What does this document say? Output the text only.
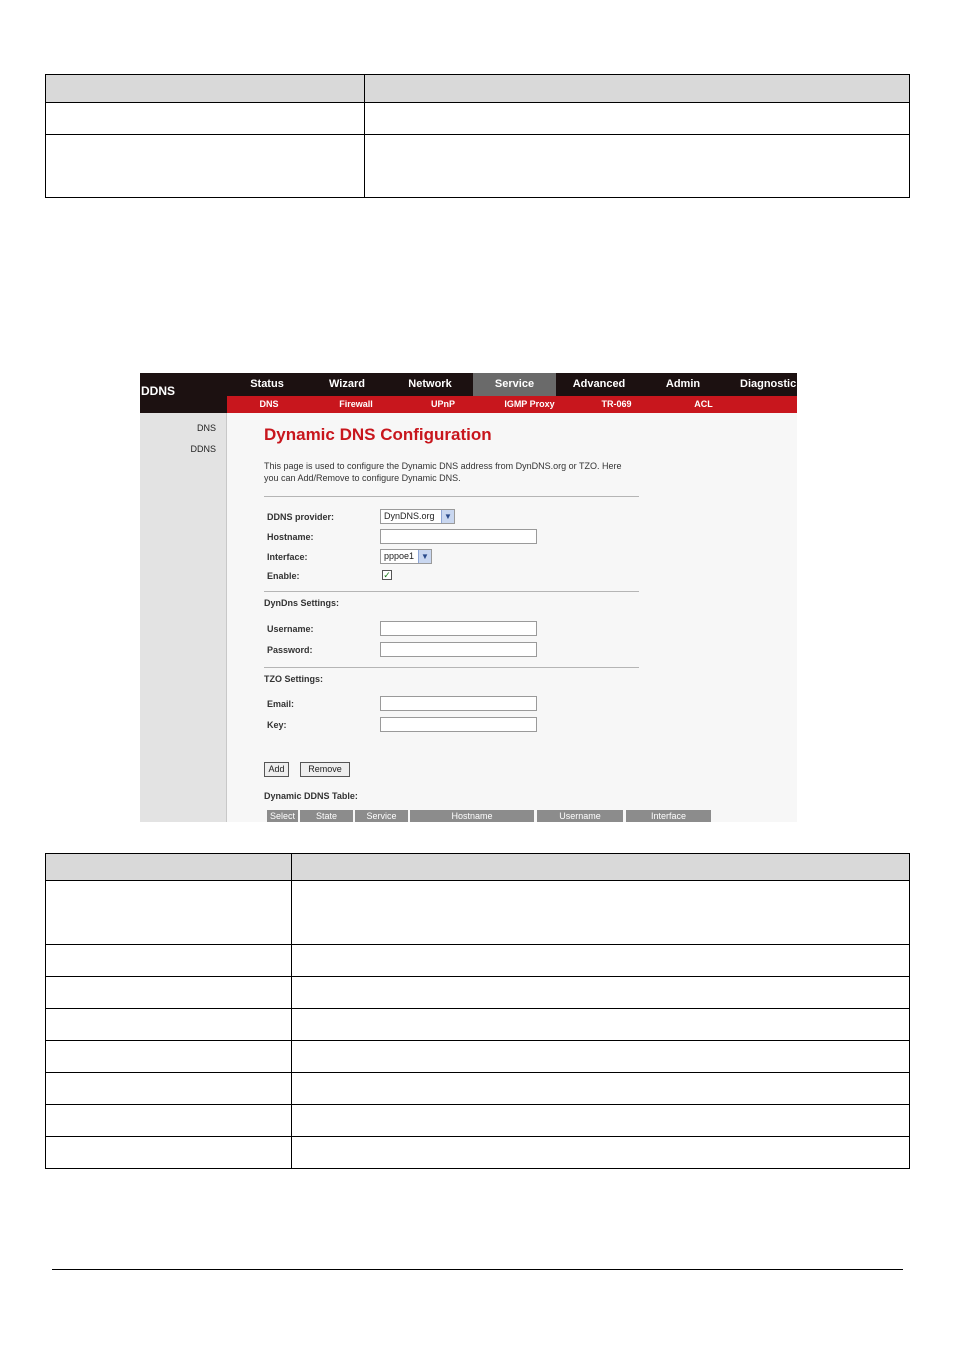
Status	Wizard	Network	Service	Advanced	Admin	Diagnostic
DDNS
DNS	Firewall	UPnP	IGMP Proxy	TR-069	ACL
DNS
DDNS
Dynamic DNS Configuration
This page is used to configure the Dynamic DNS address from DynDNS.org or TZO. Here you can Add/Remove to configure Dynamic DNS.
DDNS provider:	DynDNS.org	▼
Hostname:
Interface:	pppoe1 ▼
Enable:	✓
DynDns Settings:
Username:
Password:
TZO Settings:
Email:
Key:
Add	Remove
Dynamic DDNS Table:
Select	State	Service	Hostname	Username	Interface
